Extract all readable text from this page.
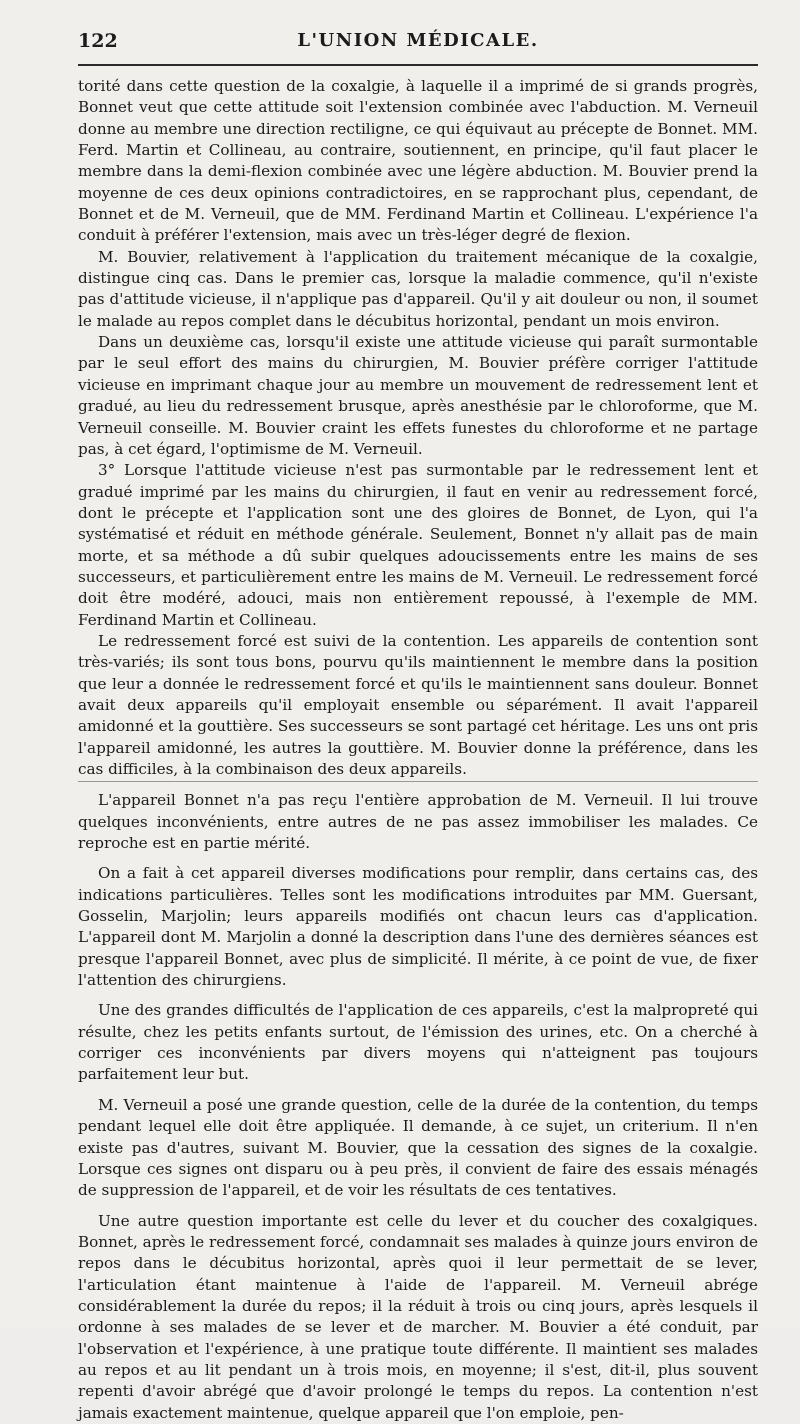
122	L'UNION MÉDICALE.

torité dans cette question de la coxalgie, à laquelle il a imprimé de si grands progrès, Bonnet veut que cette attitude soit l'extension combinée avec l'abduction. M. Verneuil donne au membre une direction rectiligne, ce qui équivaut au précepte de Bonnet. MM. Ferd. Martin et Collineau, au contraire, soutiennent, en principe, qu'il faut placer le membre dans la demi-flexion combinée avec une légère abduction. M. Bouvier prend la moyenne de ces deux opinions contradictoires, en se rapprochant plus, cependant, de Bonnet et de M. Verneuil, que de MM. Ferdinand Martin et Collineau. L'expérience l'a conduit à préférer l'extension, mais avec un très-léger degré de flexion.

M. Bouvier, relativement à l'application du traitement mécanique de la coxalgie, distingue cinq cas. Dans le premier cas, lorsque la maladie commence, qu'il n'existe pas d'attitude vicieuse, il n'applique pas d'appareil. Qu'il y ait douleur ou non, il soumet le malade au repos complet dans le décubitus horizontal, pendant un mois environ.

Dans un deuxième cas, lorsqu'il existe une attitude vicieuse qui paraît surmontable par le seul effort des mains du chirurgien, M. Bouvier préfère corriger l'attitude vicieuse en imprimant chaque jour au membre un mouvement de redressement lent et gradué, au lieu du redressement brusque, après anesthésie par le chloroforme, que M. Verneuil conseille. M. Bouvier craint les effets funestes du chloroforme et ne partage pas, à cet égard, l'optimisme de M. Verneuil.

3° Lorsque l'attitude vicieuse n'est pas surmontable par le redressement lent et gradué imprimé par les mains du chirurgien, il faut en venir au redressement forcé, dont le précepte et l'application sont une des gloires de Bonnet, de Lyon, qui l'a systématisé et réduit en méthode générale. Seulement, Bonnet n'y allait pas de main morte, et sa méthode a dû subir quelques adoucissements entre les mains de ses successeurs, et particulièrement entre les mains de M. Verneuil. Le redressement forcé doit être modéré, adouci, mais non entièrement repoussé, à l'exemple de MM. Ferdinand Martin et Collineau.

Le redressement forcé est suivi de la contention. Les appareils de contention sont très-variés; ils sont tous bons, pourvu qu'ils maintiennent le membre dans la position que leur a donnée le redressement forcé et qu'ils le maintiennent sans douleur. Bonnet avait deux appareils qu'il employait ensemble ou séparément. Il avait l'appareil amidonné et la gouttière. Ses successeurs se sont partagé cet héritage. Les uns ont pris l'appareil amidonné, les autres la gouttière. M. Bouvier donne la préférence, dans les cas difficiles, à la combinaison des deux appareils.

L'appareil Bonnet n'a pas reçu l'entière approbation de M. Verneuil. Il lui trouve quelques inconvénients, entre autres de ne pas assez immobiliser les malades. Ce reproche est en partie mérité.

On a fait à cet appareil diverses modifications pour remplir, dans certains cas, des indications particulières. Telles sont les modifications introduites par MM. Guersant, Gosselin, Marjolin; leurs appareils modifiés ont chacun leurs cas d'application. L'appareil dont M. Marjolin a donné la description dans l'une des dernières séances est presque l'appareil Bonnet, avec plus de simplicité. Il mérite, à ce point de vue, de fixer l'attention des chirurgiens.

Une des grandes difficultés de l'application de ces appareils, c'est la malpropreté qui résulte, chez les petits enfants surtout, de l'émission des urines, etc. On a cherché à corriger ces inconvénients par divers moyens qui n'atteignent pas toujours parfaitement leur but.

M. Verneuil a posé une grande question, celle de la durée de la contention, du temps pendant lequel elle doit être appliquée. Il demande, à ce sujet, un criterium. Il n'en existe pas d'autres, suivant M. Bouvier, que la cessation des signes de la coxalgie. Lorsque ces signes ont disparu ou à peu près, il convient de faire des essais ménagés de suppression de l'appareil, et de voir les résultats de ces tentatives.

Une autre question importante est celle du lever et du coucher des coxalgiques. Bonnet, après le redressement forcé, condamnait ses malades à quinze jours environ de repos dans le décubitus horizontal, après quoi il leur permettait de se lever, l'articulation étant maintenue à l'aide de l'appareil. M. Verneuil abrége considérablement la durée du repos; il la réduit à trois ou cinq jours, après lesquels il ordonne à ses malades de se lever et de marcher. M. Bouvier a été conduit, par l'observation et l'expérience, à une pratique toute différente. Il maintient ses malades au repos et au lit pendant un à trois mois, en moyenne; il s'est, dit-il, plus souvent repenti d'avoir abrégé que d'avoir prolongé le temps du repos. La contention n'est jamais exactement maintenue, quelque appareil que l'on emploie, pen-
